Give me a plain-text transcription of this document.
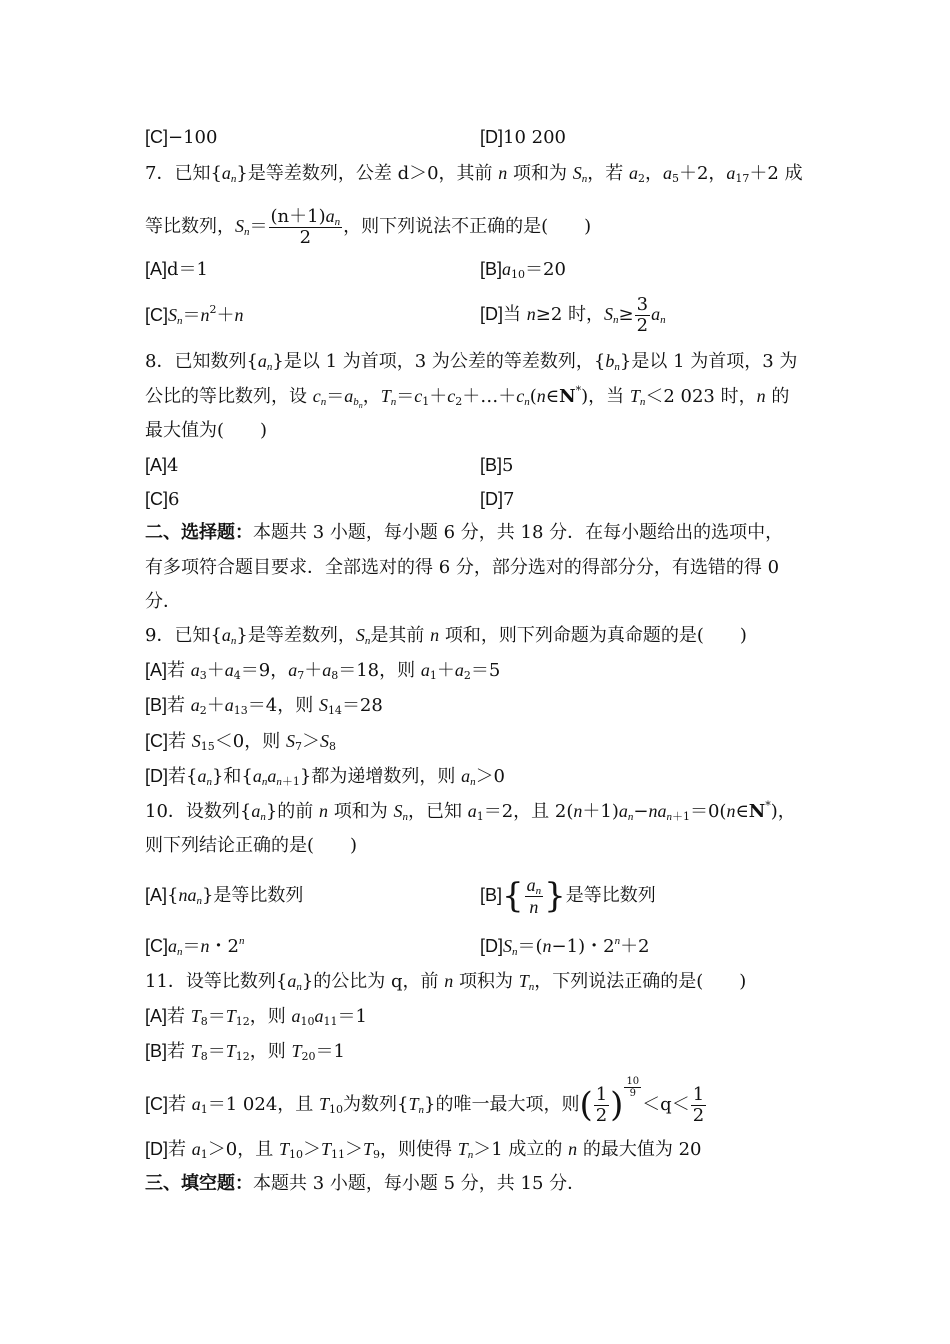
[C]−100	[D]10 200
7．已知$\{a_n\}$是等差数列，公差 d＞0，其前 n 项和为 $S_n$，若 $a_2$，$a_5+2$，$a_{17}+2$ 成
等比数列，$S_n= \frac{(n+1)a_n}{2}$ ，则下列说法不正确的是( )
[A]d＝1	$[B]a_{10}=20$
$[C]S_n=n^2+n$	[D]当 n≥2 时，$S_n\ge \frac{3}{2} a_n$
8．已知数列$\{a_n\}$是以 1 为首项，3 为公差的等差数列，$\{b_n\}$是以 1 为首项，3 为
公比的等比数列，设 $c_n=a_{b_n}$，$T_n=c_1+c_2+\dots+c_n(n\in N^*)$，当 $T_n<2$ 023 时，n 的
最大值为( )
[A]4	[B]5
[C]6	[D]7
二、选择题：本题共 3 小题，每小题 6 分，共 18 分．在每小题给出的选项中，
有多项符合题目要求．全部选对的得 6 分，部分选对的得部分分，有选错的得 0
分．
9．已知$\{a_n\}$是等差数列，$S_n$是其前 n 项和，则下列命题为真命题的是( )
[A]若 $a_3+a_4=9$，$a_7+a_8=18$，则 $a_1+a_2=5$
[B]若 $a_2+a_{13}=4$，则 $S_{14}=28$
[C]若 $S_{15}<0$，则 $S_7>S_8$
[D]若$\{a_n\}$和$\{a_na_{n+1}\}$都为递增数列，则 $a_n>0$
10．设数列$\{a_n\}$的前 n 项和为 $S_n$，已知 $a_1=2$，且 $2(n+1)a_n-na_{n+1}=0(n\in N^*)$，
则下列结论正确的是( )
$[A]\{na_n\}$是等比数列	$[B]\{ \frac{a_n}{n}$ }是等比数列
$[C]a_n=n$・2$^n$	$[D]S_n=(n-1)$・$2^n+2$
11．设等比数列$\{a_n\}$的公比为 q，前 n 项积为 $T_n$，下列说法正确的是( )
[A]若 $T_8=T_{12}$，则 $a_{10}a_{11}=1$
[B]若 $T_8=T_{12}$，则 $T_{20}=1$
[C]若 $a_1=1$ 024，且 $T_{10}$为数列$\{T_n\}$的唯一最大项，则( $\frac{1}{2}$ ) $\frac{10}{9}$
$<q< \frac{1}{2}$
[D]若 $a_1>0$，且 $T_{10}>T_{11}>T_9$，则使得 $T_n>1$ 成立的 n 的最大值为 20
三、填空题：本题共 3 小题，每小题 5 分，共 15 分．
